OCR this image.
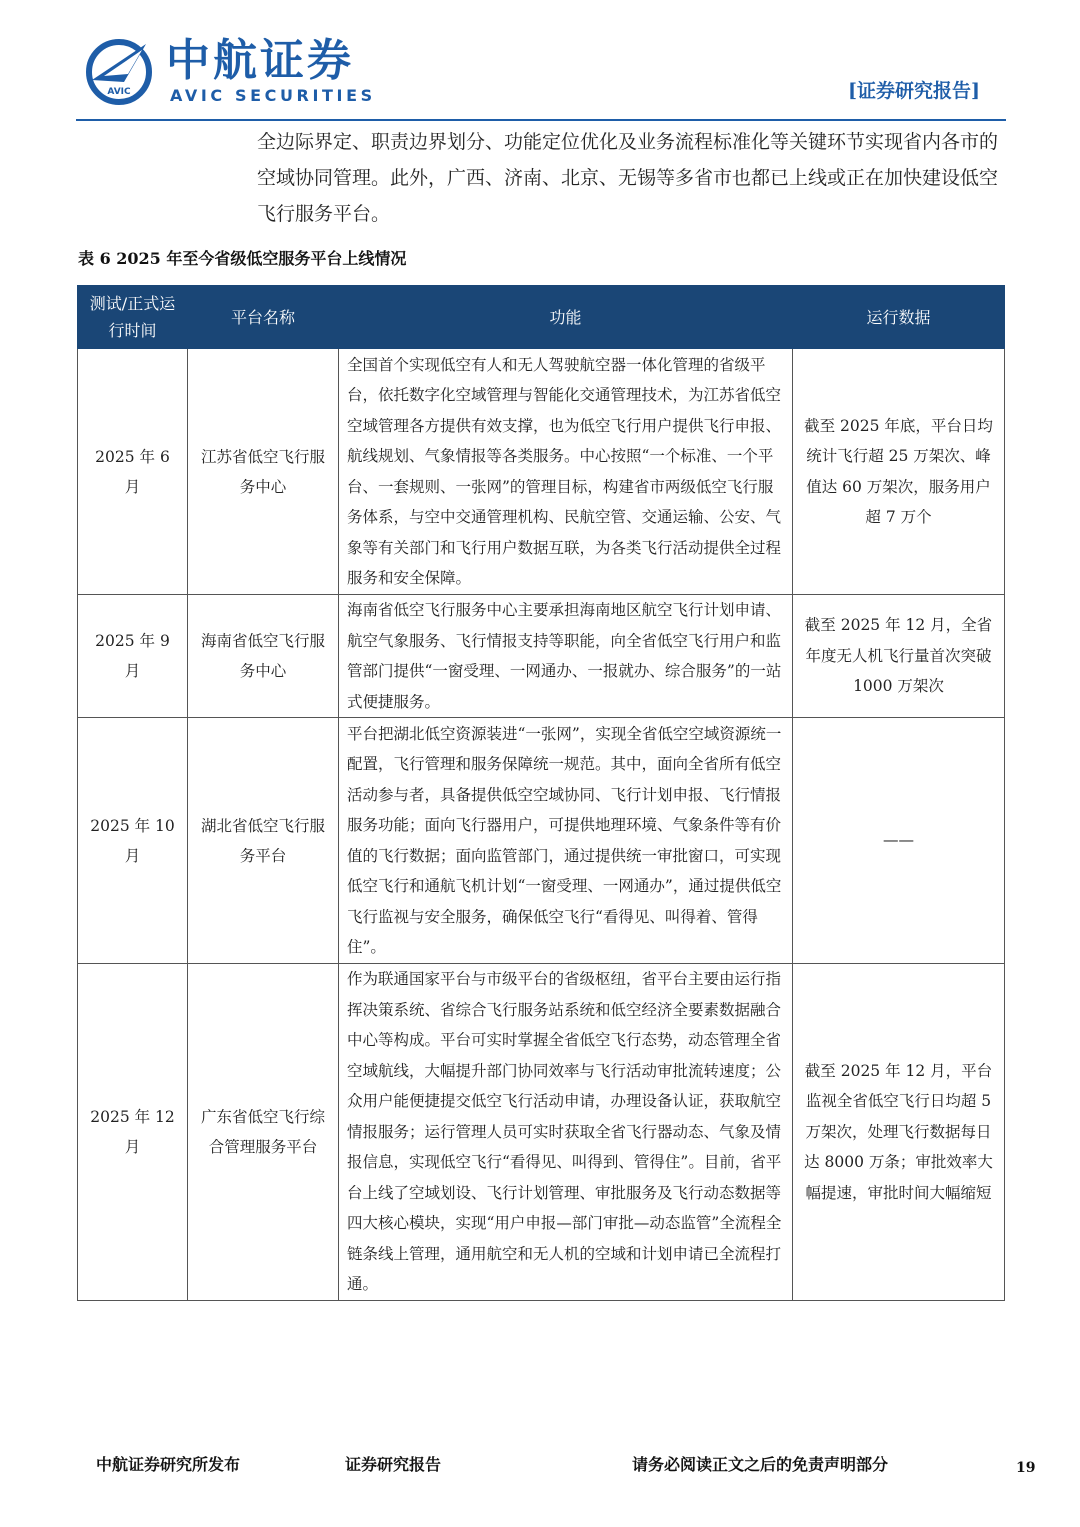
AVIC
中航证券
AVIC SECURITIES	[证券研究报告]

全边际界定、职责边界划分、功能定位优化及业务流程标准化等关键环节实现省内各市的空域协同管理。此外，广西、济南、北京、无锡等多省市也都已上线或正在加快建设低空飞行服务平台。

表 6 2025 年至今省级低空服务平台上线情况
测试/正式运行时间	平台名称	功能	运行数据
2025 年 6 月	江苏省低空飞行服务中心	全国首个实现低空有人和无人驾驶航空器一体化管理的省级平台，依托数字化空域管理与智能化交通管理技术，为江苏省低空空域管理各方提供有效支撑，也为低空飞行用户提供飞行申报、航线规划、气象情报等各类服务。中心按照“一个标准、一个平台、一套规则、一张网”的管理目标，构建省市两级低空飞行服务体系，与空中交通管理机构、民航空管、交通运输、公安、气象等有关部门和飞行用户数据互联，为各类飞行活动提供全过程服务和安全保障。	截至 2025 年底，平台日均统计飞行超 25 万架次、峰值达 60 万架次，服务用户超 7 万个
2025 年 9 月	海南省低空飞行服务中心	海南省低空飞行服务中心主要承担海南地区航空飞行计划申请、航空气象服务、飞行情报支持等职能，向全省低空飞行用户和监管部门提供“一窗受理、一网通办、一报就办、综合服务”的一站式便捷服务。	截至 2025 年 12 月，全省年度无人机飞行量首次突破 1000 万架次
2025 年 10 月	湖北省低空飞行服务平台	平台把湖北低空资源装进“一张网”，实现全省低空空域资源统一配置，飞行管理和服务保障统一规范。其中，面向全省所有低空活动参与者，具备提供低空空域协同、飞行计划申报、飞行情报服务功能；面向飞行器用户，可提供地理环境、气象条件等有价值的飞行数据；面向监管部门，通过提供统一审批窗口，可实现低空飞行和通航飞机计划“一窗受理、一网通办”，通过提供低空飞行监视与安全服务，确保低空飞行“看得见、叫得着、管得住”。	——
2025 年 12 月	广东省低空飞行综合管理服务平台	作为联通国家平台与市级平台的省级枢纽，省平台主要由运行指挥决策系统、省综合飞行服务站系统和低空经济全要素数据融合中心等构成。平台可实时掌握全省低空飞行态势，动态管理全省空域航线，大幅提升部门协同效率与飞行活动审批流转速度；公众用户能便捷提交低空飞行活动申请，办理设备认证，获取航空情报服务；运行管理人员可实时获取全省飞行器动态、气象及情报信息，实现低空飞行“看得见、叫得到、管得住”。目前，省平台上线了空域划设、飞行计划管理、审批服务及飞行动态数据等四大核心模块，实现“用户申报—部门审批—动态监管”全流程全链条线上管理，通用航空和无人机的空域和计划申请已全流程打通。	截至 2025 年 12 月，平台监视全省低空飞行日均超 5 万架次，处理飞行数据每日达 8000 万条；审批效率大幅提速，审批时间大幅缩短
中航证券研究所发布	证券研究报告	请务必阅读正文之后的免责声明部分	19
